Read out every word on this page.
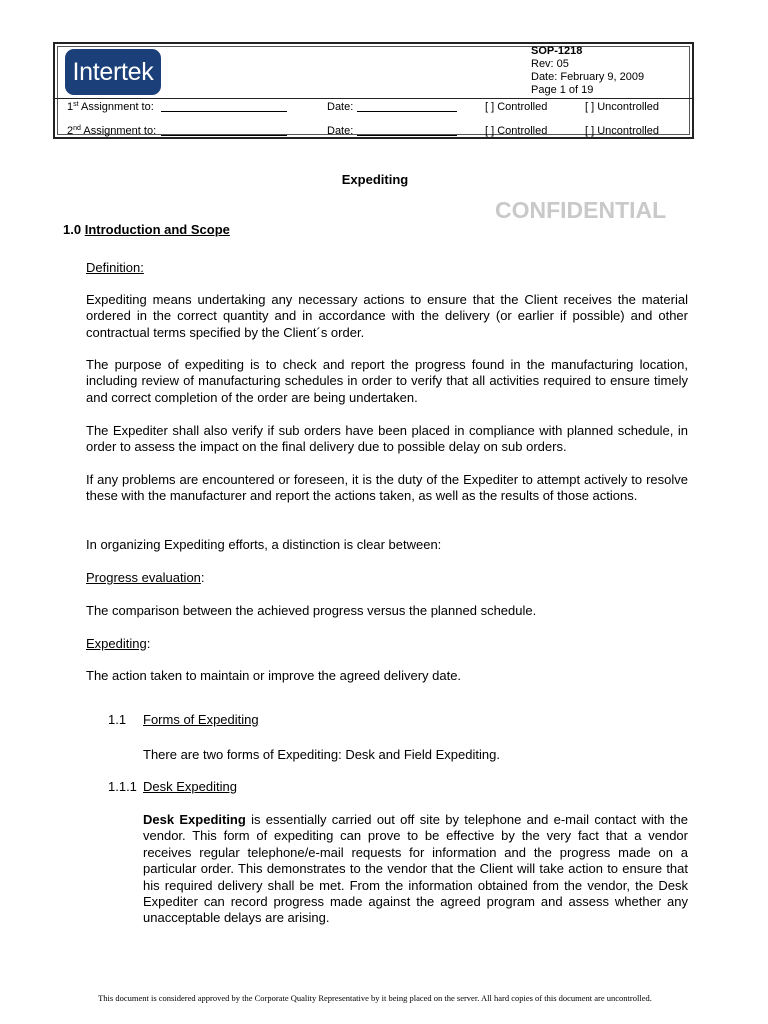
Intertek
SOP-1218
Rev: 05
Date: February 9, 2009
Page 1 of 19
1st Assignment to:	Date:	[ ] Controlled	[ ] Uncontrolled
2nd Assignment to:	Date:	[ ] Controlled	[ ] Uncontrolled
Expediting
CONFIDENTIAL
1.0 Introduction and Scope
Definition:
Expediting means undertaking any necessary actions to ensure that the Client receives the material ordered in the correct quantity and in accordance with the delivery (or earlier if possible) and other contractual terms specified by the Client´s order.
The purpose of expediting is to check and report the progress found in the manufacturing location, including review of manufacturing schedules in order to verify that all activities required to ensure timely and correct completion of the order are being undertaken.
The Expediter shall also verify if sub orders have been placed in compliance with planned schedule, in order to assess the impact on the final delivery due to possible delay on sub orders.
If any problems are encountered or foreseen, it is the duty of the Expediter to attempt actively to resolve these with the manufacturer and report the actions taken, as well as the results of those actions.
In organizing Expediting efforts, a distinction is clear between:
Progress evaluation:
The comparison between the achieved progress versus the planned schedule.
Expediting:
The action taken to maintain or improve the agreed delivery date.
1.1 Forms of Expediting
There are two forms of Expediting: Desk and Field Expediting.
1.1.1 Desk Expediting
Desk Expediting is essentially carried out off site by telephone and e-mail contact with the vendor. This form of expediting can prove to be effective by the very fact that a vendor receives regular telephone/e-mail requests for information and the progress made on a particular order. This demonstrates to the vendor that the Client will take action to ensure that his required delivery shall be met. From the information obtained from the vendor, the Desk Expediter can record progress made against the agreed program and assess whether any unacceptable delays are arising.
This document is considered approved by the Corporate Quality Representative by it being placed on the server. All hard copies of this document are uncontrolled.
